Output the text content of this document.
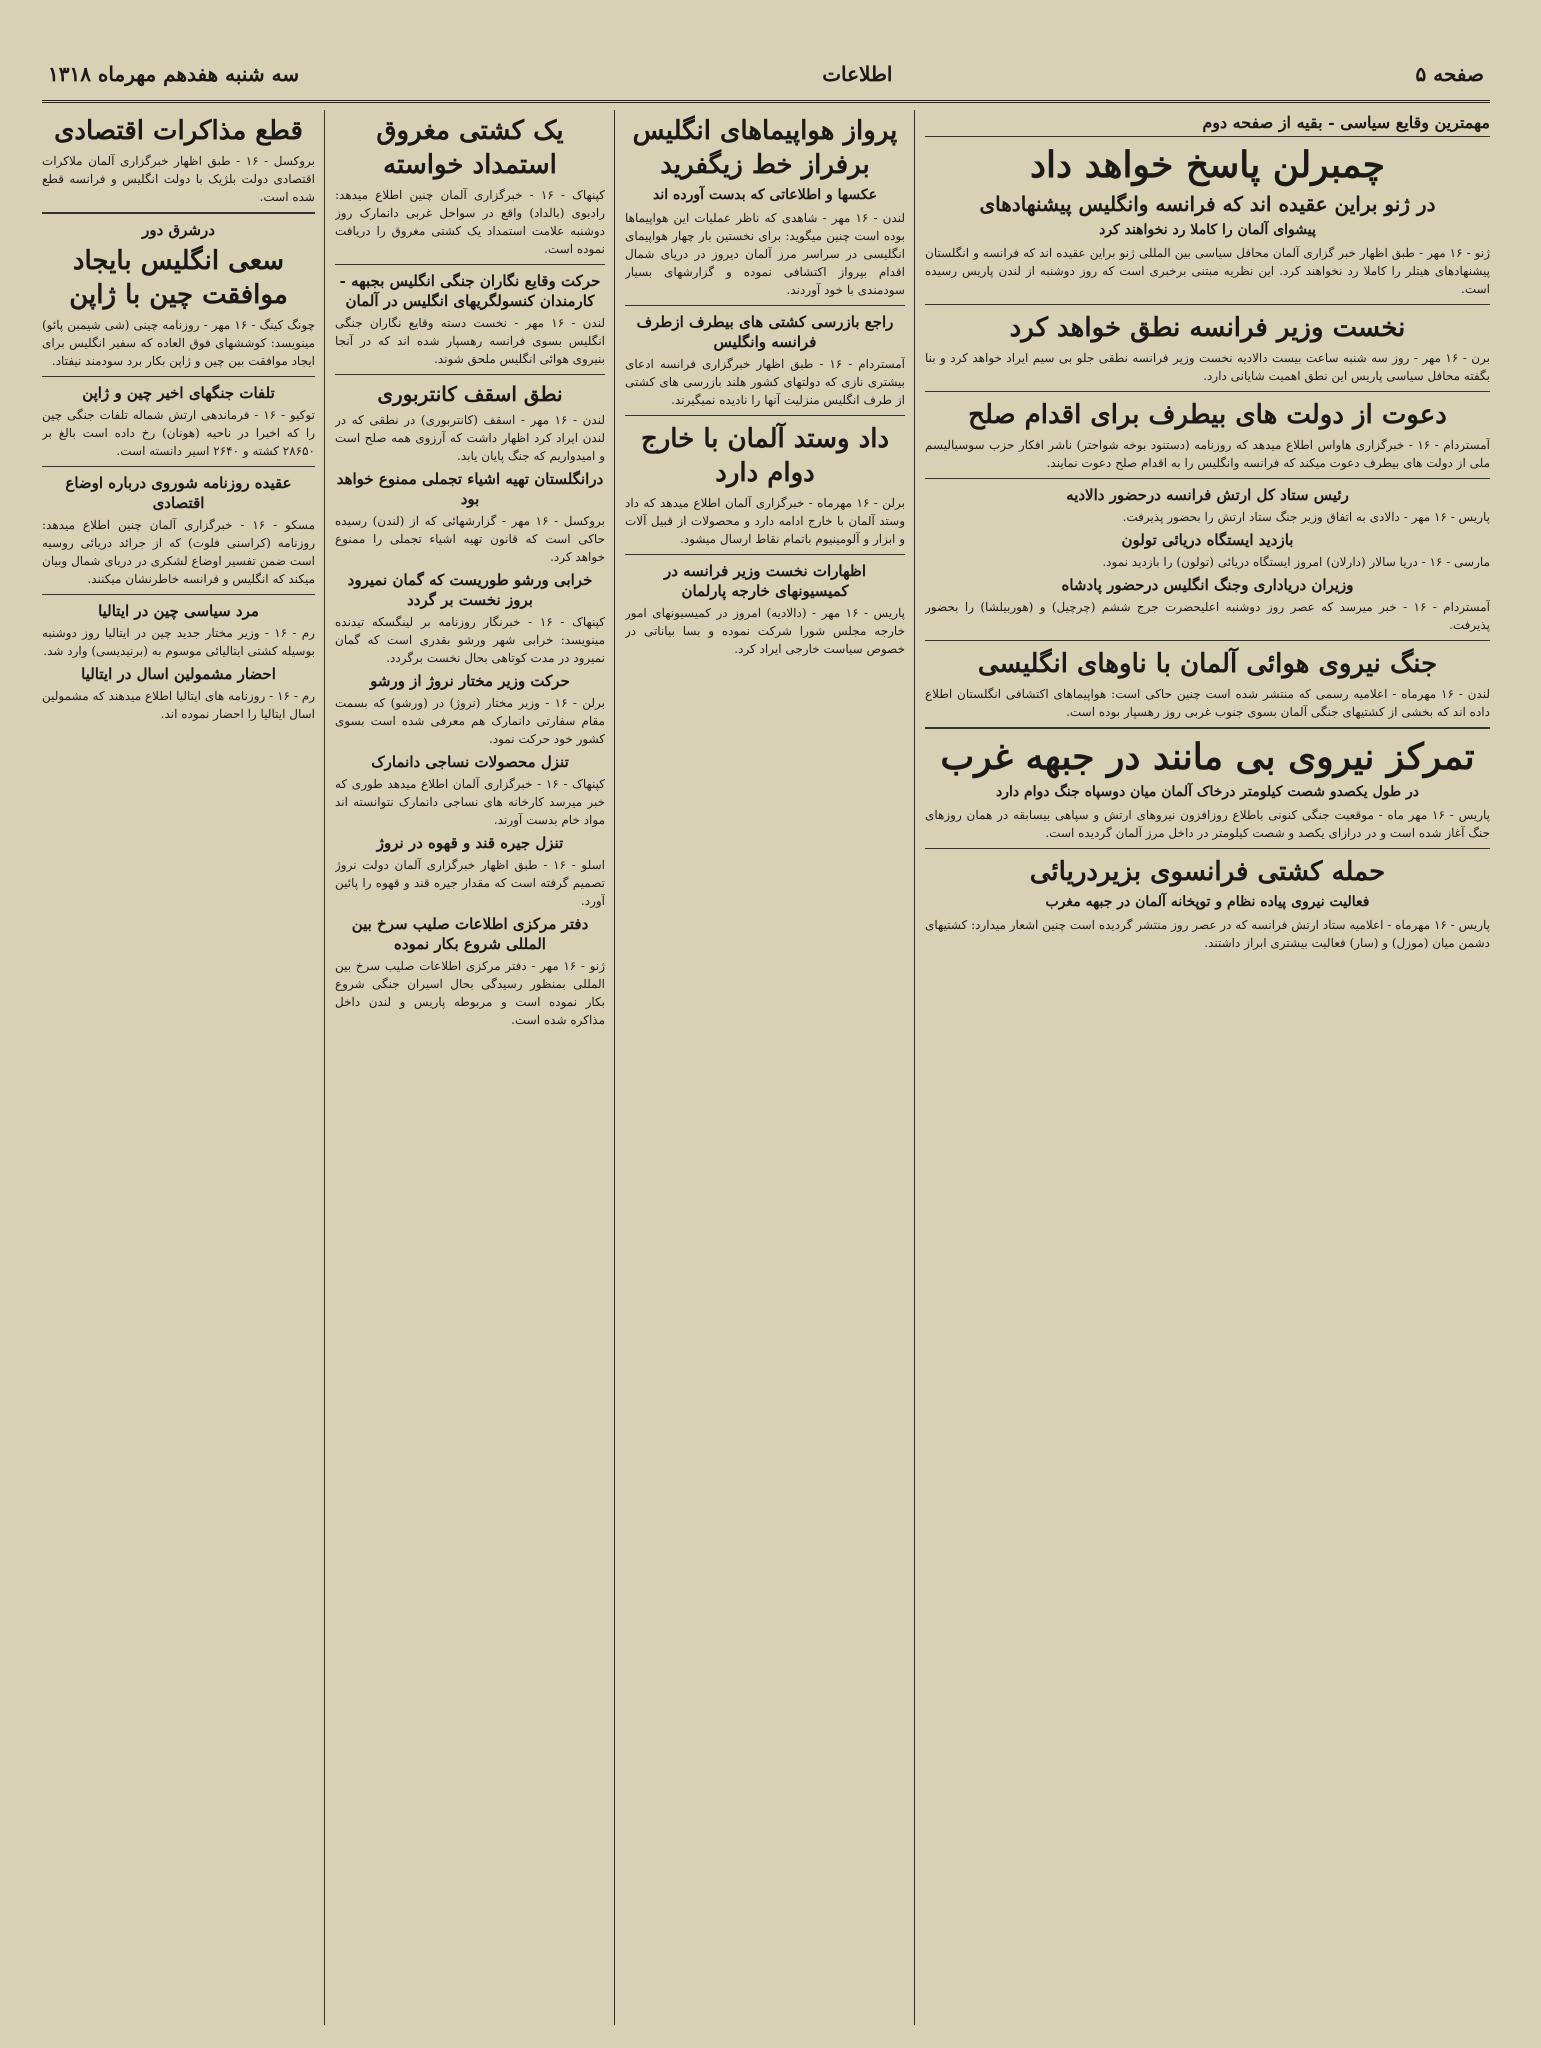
صفحه ۵
اطلاعات
سه شنبه هفدهم مهرماه ۱۳۱۸
مهمترین وقایع سیاسی - بقیه از صفحه دوم
چمبرلن پاسخ خواهد داد
در ژنو براین عقیده اند که فرانسه وانگلیس پیشنهادهای
پیشوای آلمان را کاملا رد نخواهند کرد

ژنو - ۱۶ مهر - طبق اظهار خبر گزاری آلمان محافل سیاسی بین المللی ژنو براین عقیده اند که فرانسه و انگلستان پیشنهادهای هیتلر را کاملا رد نخواهند کرد. این نظریه مبتنی برخبری است که روز دوشنبه از لندن پاریس رسیده است.

نخست وزیر فرانسه نطق خواهد کرد

برن - ۱۶ مهر - روز سه شنبه ساعت بیست دالادیه نخست وزیر فرانسه نطقی جلو بی سیم ایراد خواهد کرد و بنا بگفته محافل سیاسی پاریس این نطق اهمیت شایانی دارد.

دعوت از دولت های بیطرف برای اقدام صلح

آمستردام - ۱۶ - خبرگزاری هاواس اطلاع میدهد که روزنامه (دستنود بوخه شواحتر) ناشر افکار حزب سوسیالیسم ملی از دولت های بیطرف دعوت میکند که فرانسه وانگلیس را به اقدام صلح دعوت نمایند.

رئیس ستاد کل ارتش فرانسه درحضور دالادیه

پاریس - ۱۶ مهر - دالادی به اتفاق وزیر جنگ ستاد ارتش را بحضور پذیرفت.

بازدید ایستگاه دریائی تولون

مارسی - ۱۶ - دریا سالار (دارلان) امروز ایستگاه دریائی (تولون) را بازدید نمود.

وزیران دریاداری وجنگ انگلیس درحضور پادشاه

آمستردام - ۱۶ - خبر میرسد که عصر روز دوشنبه اعلیحضرت جرج ششم (چرچیل) و (هوربیلشا) را بحضور پذیرفت.

جنگ نیروی هوائی آلمان با ناوهای انگلیسی

لندن - ۱۶ مهرماه - اعلامیه رسمی که منتشر شده است چنین حاکی است: هواپیماهای اکتشافی انگلستان اطلاع داده اند که بخشی از کشتیهای جنگی آلمان بسوی جنوب غربی روز رهسپار بوده است.

تمرکز نیروی بی مانند در جبهه غرب
در طول یکصدو شصت کیلومتر درخاک آلمان میان دوسپاه جنگ دوام دارد

پاریس - ۱۶ مهر ماه - موقعیت جنگی کنونی باطلاع روزافزون نیروهای ارتش و سپاهی بیسابقه در همان روزهای جنگ آغاز شده است و در درازای یکصد و شصت کیلومتر در داخل مرز آلمان گردیده است.

حمله کشتی فرانسوی بزیردریائی
فعالیت نیروی پیاده نظام و توپخانه آلمان در جبهه مغرب

پاریس - ۱۶ مهرماه - اعلامیه ستاد ارتش فرانسه که در عصر روز منتشر گردیده است چنین اشعار میدارد: کشتیهای دشمن میان (موزل) و (سار) فعالیت بیشتری ابراز داشتند.

پرواز هواپیماهای انگلیس برفراز خط زیگفرید
عکسها و اطلاعاتی که بدست آورده اند

لندن - ۱۶ مهر - شاهدی که ناظر عملیات این هواپیماها بوده است چنین میگوید: برای نخستین بار چهار هواپیمای انگلیسی در سراسر مرز آلمان دیروز در دریای شمال اقدام بپرواز اکتشافی نموده و گزارشهای بسیار سودمندی با خود آوردند.

راجع بازرسی کشتی های بیطرف ازطرف فرانسه وانگلیس

آمستردام - ۱۶ - طبق اظهار خبرگزاری فرانسه ادعای بیشتری نازی که دولتهای کشور هلند بازرسی های کشتی از طرف انگلیس منزلیت آنها را نادیده نمیگیرند.

داد وستد آلمان با خارج دوام دارد

برلن - ۱۶ مهرماه - خبرگزاری آلمان اطلاع میدهد که داد وستد آلمان با خارج ادامه دارد و محصولات از قبیل آلات و ابزار و آلومینیوم باتمام نقاط ارسال میشود.

اظهارات نخست وزیر فرانسه در کمیسیونهای خارجه پارلمان

پاریس - ۱۶ مهر - (دالادیه) امروز در کمیسیونهای امور خارجه مجلس شورا شرکت نموده و بسا بیاناتی در خصوص سیاست خارجی ایراد کرد.

یک کشتی مغروق استمداد خواسته

کپنهاک - ۱۶ - خبرگزاری آلمان چنین اطلاع میدهد: رادیوی (بالداد) واقع در سواحل غربی دانمارک روز دوشنبه علامت استمداد یک کشتی مغروق را دریافت نموده است.

حرکت وقایع نگاران جنگی انگلیس بجبهه - کارمندان کنسولگریهای انگلیس در آلمان

لندن - ۱۶ مهر - نخست دسته وقایع نگاران جنگی انگلیس بسوی فرانسه رهسپار شده اند که در آنجا بنیروی هوائی انگلیس ملحق شوند.

نطق اسقف کانتربوری

لندن - ۱۶ مهر - اسقف (کانتربوری) در نطقی که در لندن ایراد کرد اظهار داشت که آرزوی همه صلح است و امیدواریم که جنگ پایان یابد.

درانگلستان تهیه اشیاء تجملی ممنوع خواهد بود

بروکسل - ۱۶ مهر - گزارشهائی که از (لندن) رسیده حاکی است که قانون تهیه اشیاء تجملی را ممنوع خواهد کرد.

خرابی ورشو طوریست که گمان نمیرود بروز نخست بر گردد

کپنهاک - ۱۶ - خبرنگار روزنامه بر لینگسکه تیدنده مینویسد: خرابی شهر ورشو بقدری است که گمان نمیرود در مدت کوتاهی بحال نخست برگردد.

حرکت وزیر مختار نروژ از ورشو

برلن - ۱۶ - وزیر مختار (نروژ) در (ورشو) که بسمت مقام سفارتی دانمارک هم معرفی شده است بسوی کشور خود حرکت نمود.

تنزل محصولات نساجی دانمارک

کپنهاک - ۱۶ - خبرگزاری آلمان اطلاع میدهد طوری که خبر میرسد کارخانه های نساجی دانمارک نتوانسته اند مواد خام بدست آورند.

تنزل جیره قند و قهوه در نروژ

اسلو - ۱۶ - طبق اظهار خبرگزاری آلمان دولت نروژ تصمیم گرفته است که مقدار جیره قند و قهوه را پائین آورد.

دفتر مرکزی اطلاعات صلیب سرخ بین المللی شروع بکار نموده

ژنو - ۱۶ مهر - دفتر مرکزی اطلاعات صلیب سرخ بین المللی بمنظور رسیدگی بحال اسیران جنگی شروع بکار نموده است و مربوطه پاریس و لندن داخل مذاکره شده است.

قطع مذاکرات اقتصادی

بروکسل - ۱۶ - طبق اظهار خبرگزاری آلمان ملاکرات اقتصادی دولت بلژیک با دولت انگلیس و فرانسه قطع شده است.

درشرق دور
سعی انگلیس بایجاد موافقت چین با ژاپن

چونگ کینگ - ۱۶ مهر - روزنامه چینی (شی شیمبن پائو) مینویسد: کوششهای فوق العاده که سفیر انگلیس برای ایجاد موافقت بین چین و ژاپن بکار برد سودمند نیفتاد.

تلفات جنگهای اخیر چین و ژاپن

توکیو - ۱۶ - فرماندهی ارتش شماله تلفات جنگی چین را که اخیرا در ناحیه (هونان) رخ داده است بالغ بر ۲۸۶۵۰ کشته و ۲۶۴۰ اسیر دانسته است.

عقیده روزنامه شوروی درباره اوضاع اقتصادی

مسکو - ۱۶ - خبرگزاری آلمان چنین اطلاع میدهد: روزنامه (کراسنی فلوت) که از جرائد دریائی روسیه است ضمن تفسیر اوضاع لشکری در دریای شمال وبیان میکند که انگلیس و فرانسه خاطرنشان میکنند.

مرد سیاسی چین در ایتالیا

رم - ۱۶ - وزیر مختار جدید چین در ایتالیا روز دوشنبه بوسیله کشتی ایتالیائی موسوم به (برنیدیسی) وارد شد.

احضار مشمولین اسال در ایتالیا

رم - ۱۶ - روزنامه های ایتالیا اطلاع میدهند که مشمولین اسال ایتالیا را احضار نموده اند.
